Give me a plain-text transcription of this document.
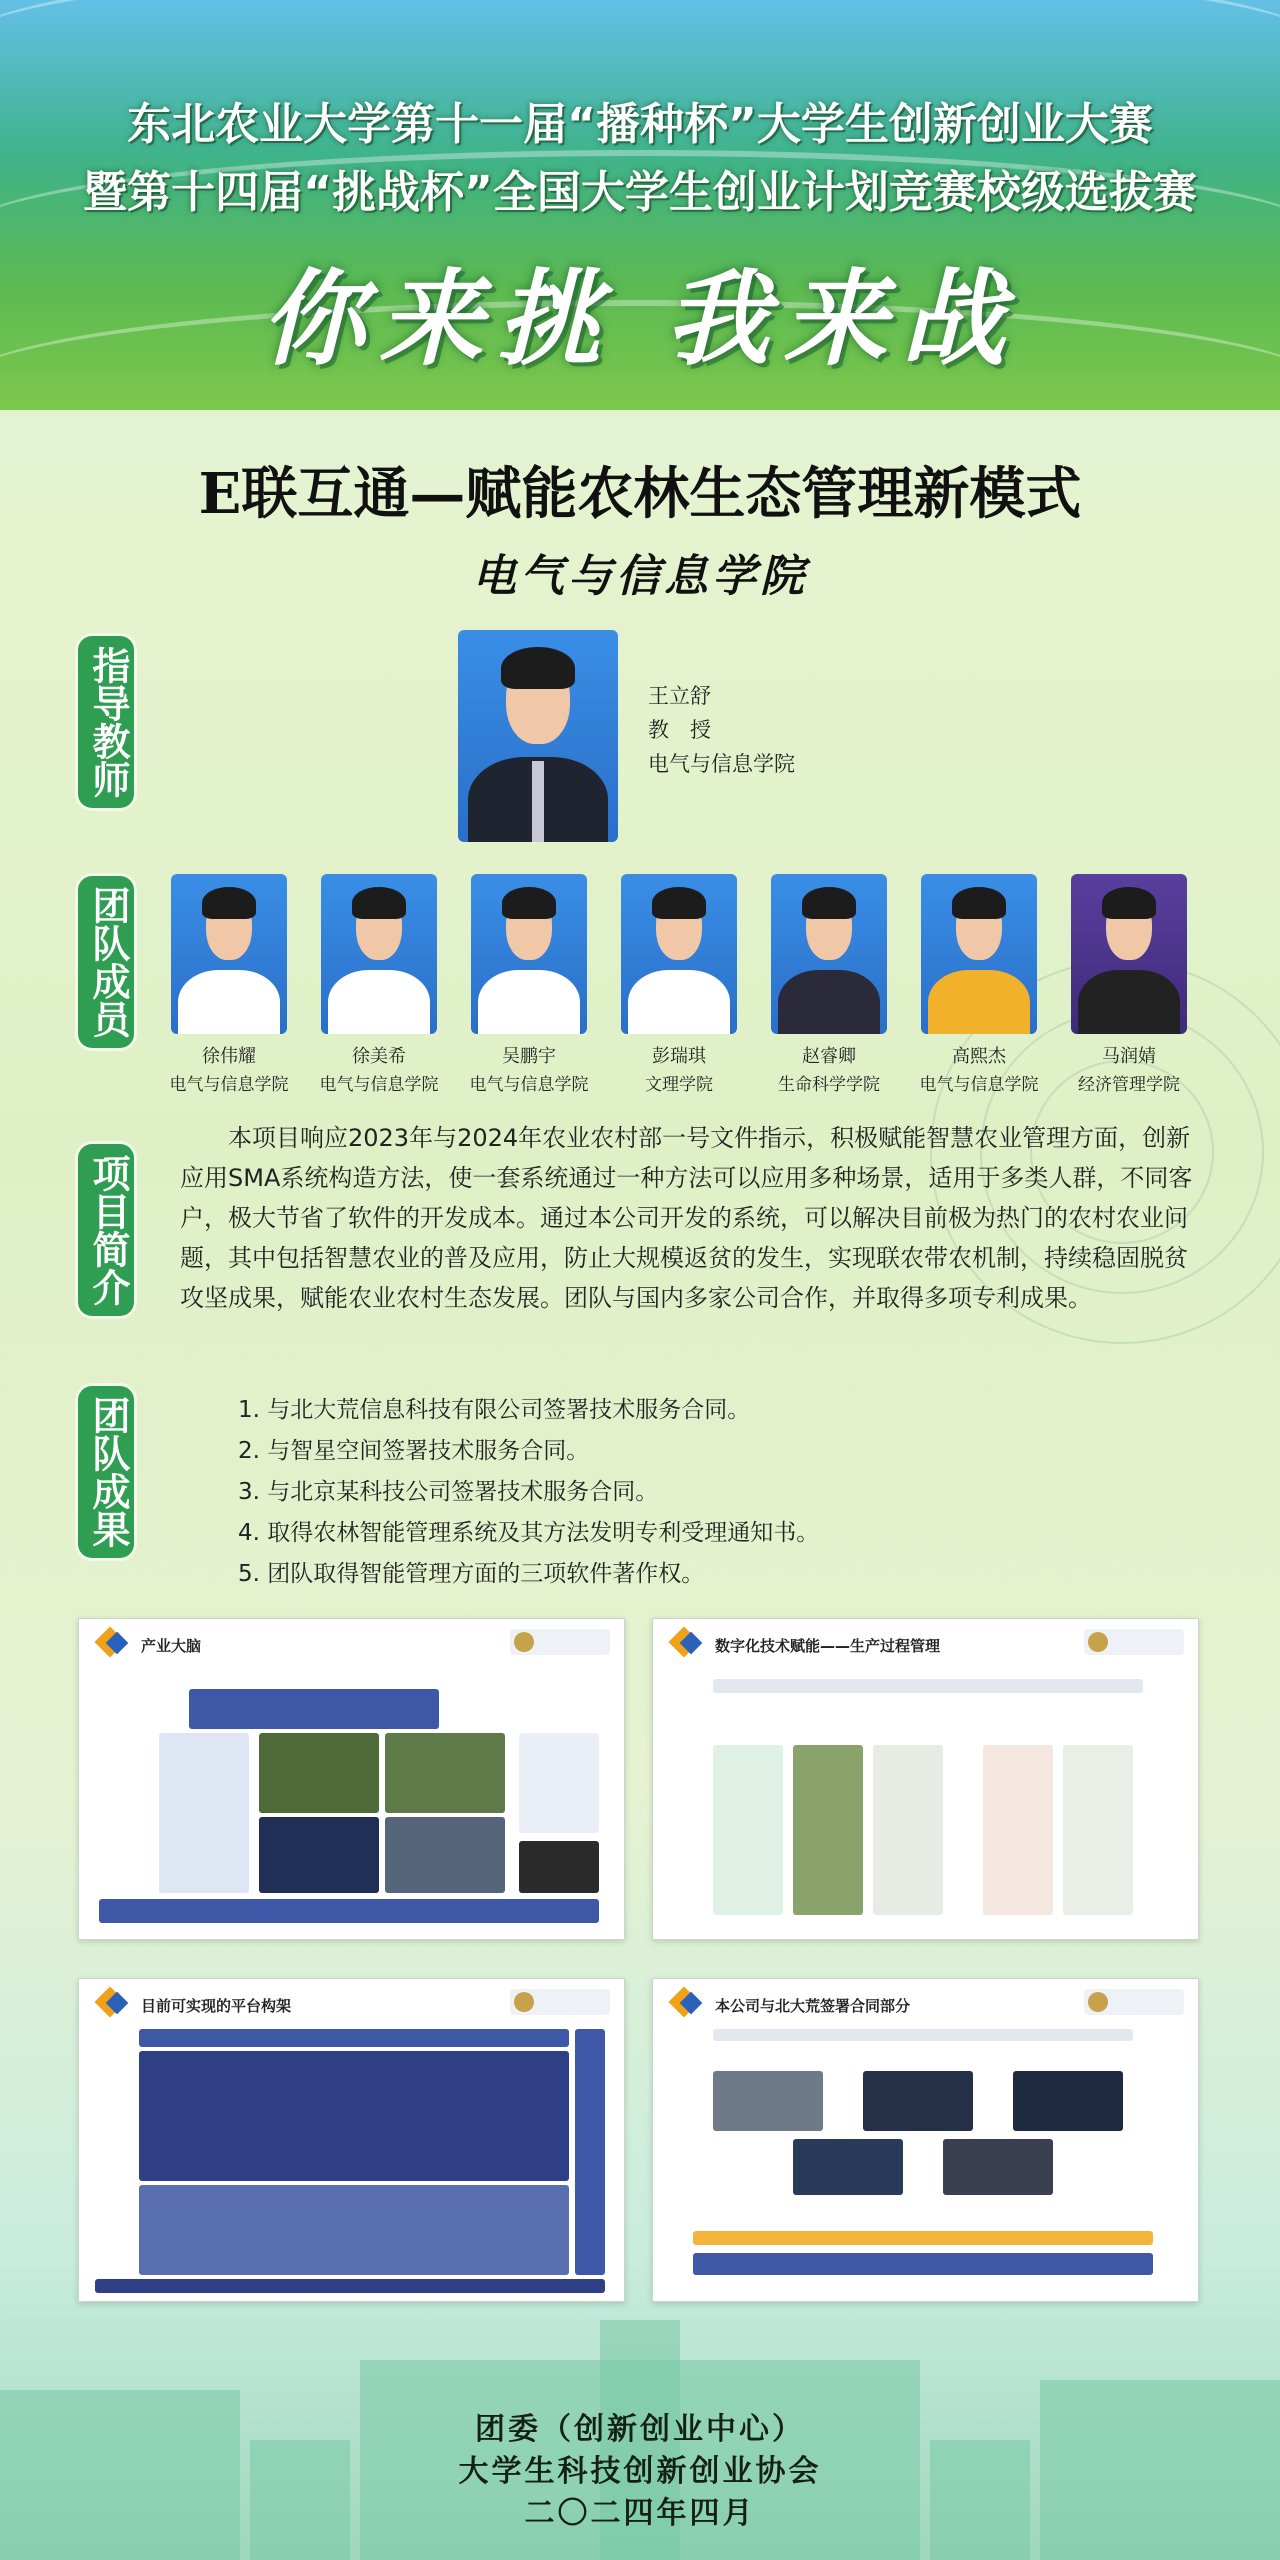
东北农业大学第十一届“播种杯”大学生创新创业大赛
暨第十四届“挑战杯”全国大学生创业计划竞赛校级选拔赛
你来挑 我来战
E联互通—赋能农林生态管理新模式
电气与信息学院
指导教师	王立舒
教　授
电气与信息学院
团队成员
徐伟耀
电气与信息学院
徐美希
电气与信息学院
吴鹏宇
电气与信息学院
彭瑞琪
文理学院
赵睿卿
生命科学学院
高熙杰
电气与信息学院
马润婧
经济管理学院
项目简介
本项目响应2023年与2024年农业农村部一号文件指示，积极赋能智慧农业管理方面，创新应用SMA系统构造方法，使一套系统通过一种方法可以应用多种场景，适用于多类人群，不同客户，极大节省了软件的开发成本。通过本公司开发的系统，可以解决目前极为热门的农村农业问题，其中包括智慧农业的普及应用，防止大规模返贫的发生，实现联农带农机制，持续稳固脱贫攻坚成果，赋能农业农村生态发展。团队与国内多家公司合作，并取得多项专利成果。
团队成果	1. 与北大荒信息科技有限公司签署技术服务合同。
2. 与智星空间签署技术服务合同。
3. 与北京某科技公司签署技术服务合同。
4. 取得农林智能管理系统及其方法发明专利受理通知书。
5. 团队取得智能管理方面的三项软件著作权。
产业大脑	数字化技术赋能——生产过程管理
目前可实现的平台构架	本公司与北大荒签署合同部分
团委（创新创业中心）
大学生科技创新创业协会
二〇二四年四月
